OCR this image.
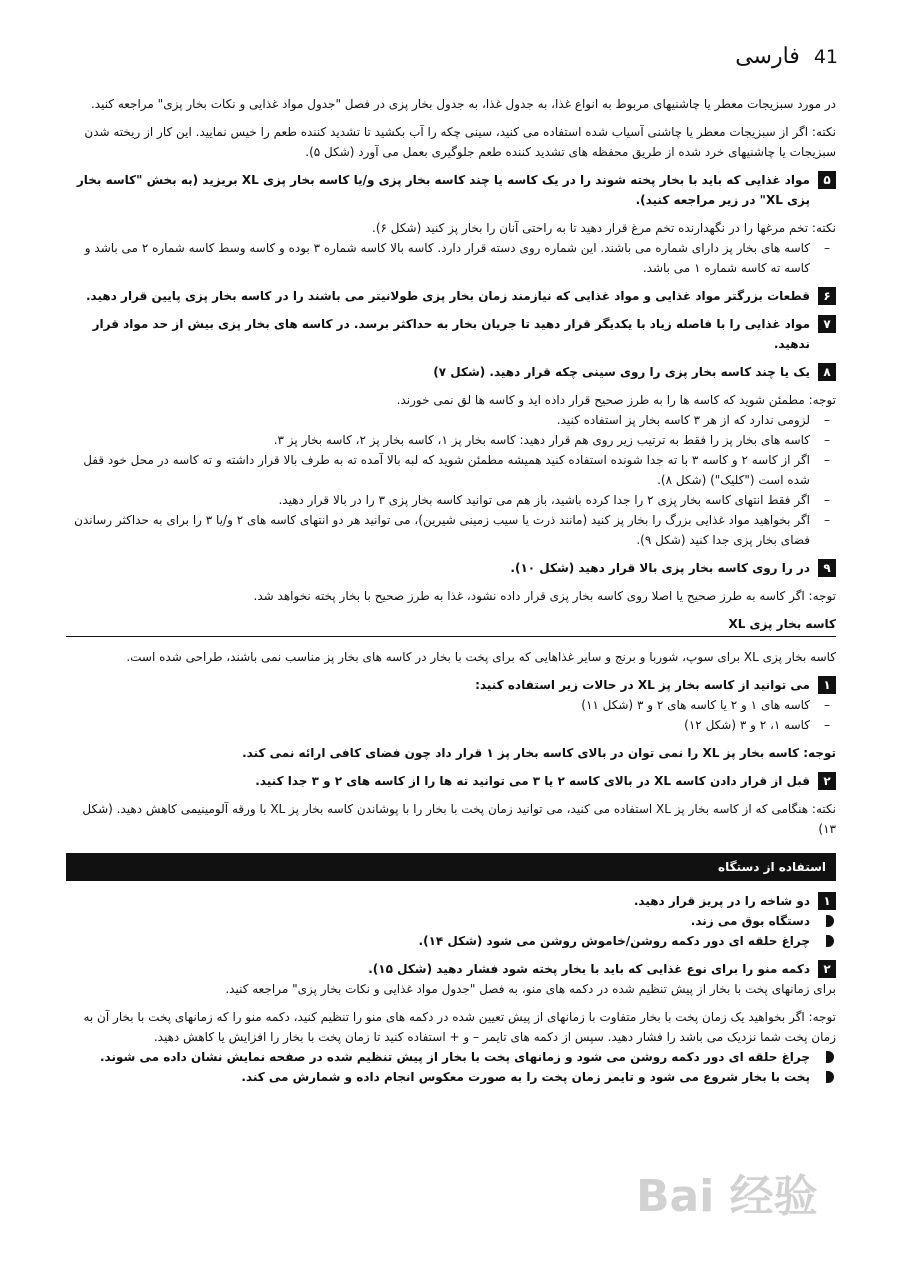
41
فارسی

در مورد سبزیجات معطر یا چاشنیهای مربوط به انواع غذا، به جدول غذا، به جدول بخار پزی در فصل "جدول مواد غذایی و نکات بخار پزی" مراجعه کنید.

نکته: اگر از سبزیجات معطر یا چاشنی آسیاب شده استفاده می کنید، سینی چکه را آب بکشید تا تشدید کننده طعم را خیس نمایید. این کار از ریخته شدن سبزیجات یا چاشنیهای خرد شده از طریق محفظه های تشدید کننده طعم جلوگیری بعمل می آورد (شکل ۵).

۵
مواد غذایی که باید با بخار پخته شوند را در یک کاسه یا چند کاسه بخار پزی و/یا کاسه بخار پزی XL بریزید (به بخش "کاسه بخار پزی XL" در زیر مراجعه کنید).

نکته: تخم مرغها را در نگهدارنده تخم مرغ قرار دهید تا به راحتی آنان را بخار پز کنید (شکل ۶).

– کاسه های بخار پز دارای شماره می باشند. این شماره روی دسته قرار دارد. کاسه بالا کاسه شماره ۳ بوده و کاسه وسط کاسه شماره ۲ می باشد و کاسه ته کاسه شماره ۱ می باشد.
۶
قطعات بزرگتر مواد غذایی و مواد غذایی که نیازمند زمان بخار پزی طولانیتر می باشند را در کاسه بخار پزی پایین قرار دهید.
۷
مواد غذایی را با فاصله زیاد با یکدیگر قرار دهید تا جریان بخار به حداکثر برسد. در کاسه های بخار پزی بیش از حد مواد قرار ندهید.
۸
یک یا چند کاسه بخار پزی را روی سینی چکه قرار دهید. (شکل ۷)

توجه: مطمئن شوید که کاسه ها را به طرز صحیح قرار داده اید و کاسه ها لق نمی خورند.

– لزومی ندارد که از هر ۳ کاسه بخار پز استفاده کنید.
– کاسه های بخار پز را فقط به ترتیب زیر روی هم قرار دهید: کاسه بخار پز ۱، کاسه بخار پز ۲، کاسه بخار پز ۳.
– اگر از کاسه ۲ و کاسه ۳ با ته جدا شونده استفاده کنید همیشه مطمئن شوید که لبه بالا آمده ته به طرف بالا قرار داشته و ته کاسه در محل خود قفل شده است ("کلیک") (شکل ۸).
– اگر فقط انتهای کاسه بخار پزی ۲ را جدا کرده باشید، باز هم می توانید کاسه بخار پزی ۳ را در بالا قرار دهید.
– اگر بخواهید مواد غذایی بزرگ را بخار پز کنید (مانند ذرت یا سیب زمینی شیرین)، می توانید هر دو انتهای کاسه های ۲ و/یا ۳ را برای به حداکثر رساندن فضای بخار پزی جدا کنید (شکل ۹).
۹
در را روی کاسه بخار پزی بالا قرار دهید (شکل ۱۰).

توجه: اگر کاسه به طرز صحیح یا اصلا روی کاسه بخار پزی قرار داده نشود، غذا به طرز صحیح با بخار پخته نخواهد شد.

کاسه بخار پزی XL

کاسه بخار پزی XL برای سوپ، شوربا و برنج و سایر غذاهایی که برای پخت با بخار در کاسه های بخار پز مناسب نمی باشند، طراحی شده است.

۱
می توانید از کاسه بخار پز XL در حالات زیر استفاده کنید:
– کاسه های ۱ و ۲ یا کاسه های ۲ و ۳ (شکل ۱۱)
– کاسه ۱، ۲ و ۳ (شکل ۱۲)

توجه: کاسه بخار پز XL را نمی توان در بالای کاسه بخار پز ۱ قرار داد چون فضای کافی ارائه نمی کند.

۲
قبل از قرار دادن کاسه XL در بالای کاسه ۲ یا ۳ می توانید ته ها را از کاسه های ۲ و ۳ جدا کنید.

نکته: هنگامی که از کاسه بخار پز XL استفاده می کنید، می توانید زمان پخت با بخار را با پوشاندن کاسه بخار پز XL با ورقه آلومینیمی کاهش دهید. (شکل ۱۳)

استفاده از دستگاه
۱
دو شاخه را در پریز قرار دهید.
دستگاه بوق می زند.
چراغ حلقه ای دور دکمه روشن/خاموش روشن می شود (شکل ۱۴).
۲
دکمه منو را برای نوع غذایی که باید با بخار پخته شود فشار دهید (شکل ۱۵).

برای زمانهای پخت با بخار از پیش تنظیم شده در دکمه های منو، به فصل "جدول مواد غذایی و نکات بخار پزی" مراجعه کنید.

توجه: اگر بخواهید یک زمان پخت با بخار متفاوت با زمانهای از پیش تعیین شده در دکمه های منو را تنظیم کنید، دکمه منو را که زمانهای پخت با بخار آن به زمان پخت شما نزدیک می باشد را فشار دهید. سپس از دکمه های تایمر – و + استفاده کنید تا زمان پخت با بخار را افزایش یا کاهش دهید.

چراغ حلقه ای دور دکمه روشن می شود و زمانهای پخت با بخار از پیش تنظیم شده در صفحه نمایش نشان داده می شوند.
پخت با بخار شروع می شود و تایمر زمان پخت را به صورت معکوس انجام داده و شمارش می کند.
Bai 经验
